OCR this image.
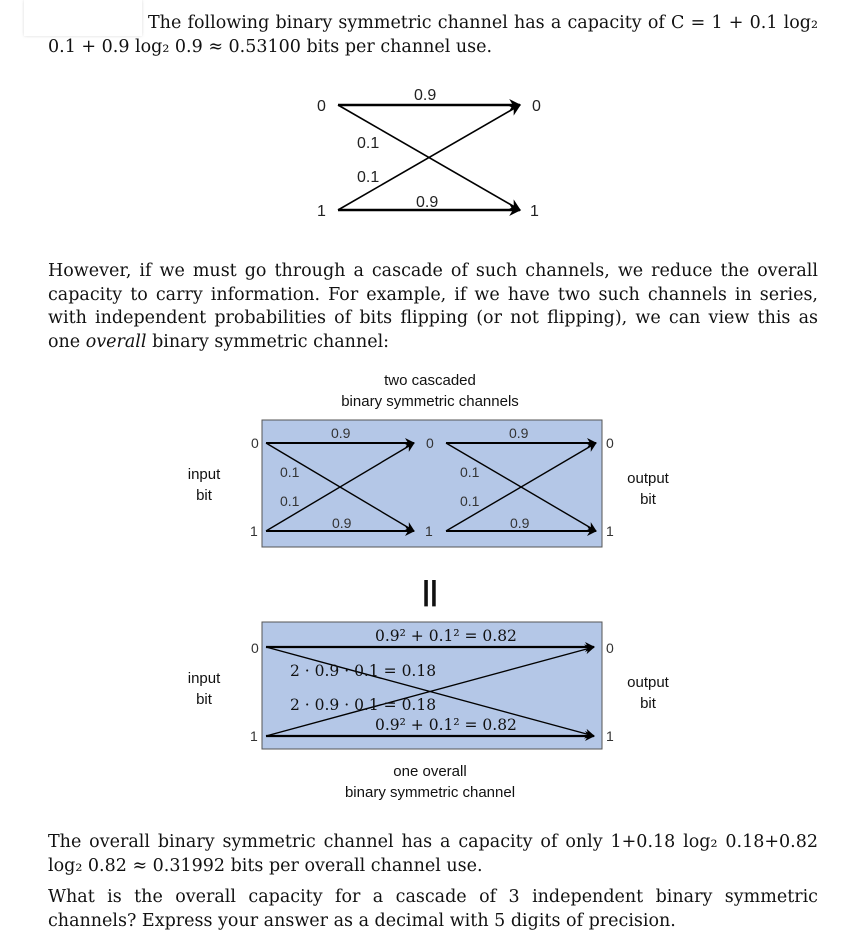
The following binary symmetric channel has a capacity of C = 1 + 0.1 log₂ 0.1 + 0.9 log₂ 0.9 ≈ 0.53100 bits per channel use.
0
1
0
1
0.9
0.1
0.1
0.9
However, if we must go through a cascade of such channels, we reduce the overall capacity to carry information. For example, if we have two such channels in series, with independent probabilities of bits flipping (or not flipping), we can view this as one overall binary symmetric channel:
two cascaded
binary symmetric channels
input
bit
output
bit
0
1
0
1
0
1
0.9
0.1
0.1
0.9
0.9
0.1
0.1
0.9
||
input
bit
output
bit
0
1
0
1
0.9² + 0.1² = 0.82
2 · 0.9 · 0.1 = 0.18
2 · 0.9 · 0.1 = 0.18
0.9² + 0.1² = 0.82
one overall
binary symmetric channel
The overall binary symmetric channel has a capacity of only 1+0.18 log₂ 0.18+0.82 log₂ 0.82 ≈ 0.31992 bits per overall channel use.
What is the overall capacity for a cascade of 3 independent binary symmetric channels? Express your answer as a decimal with 5 digits of precision.
